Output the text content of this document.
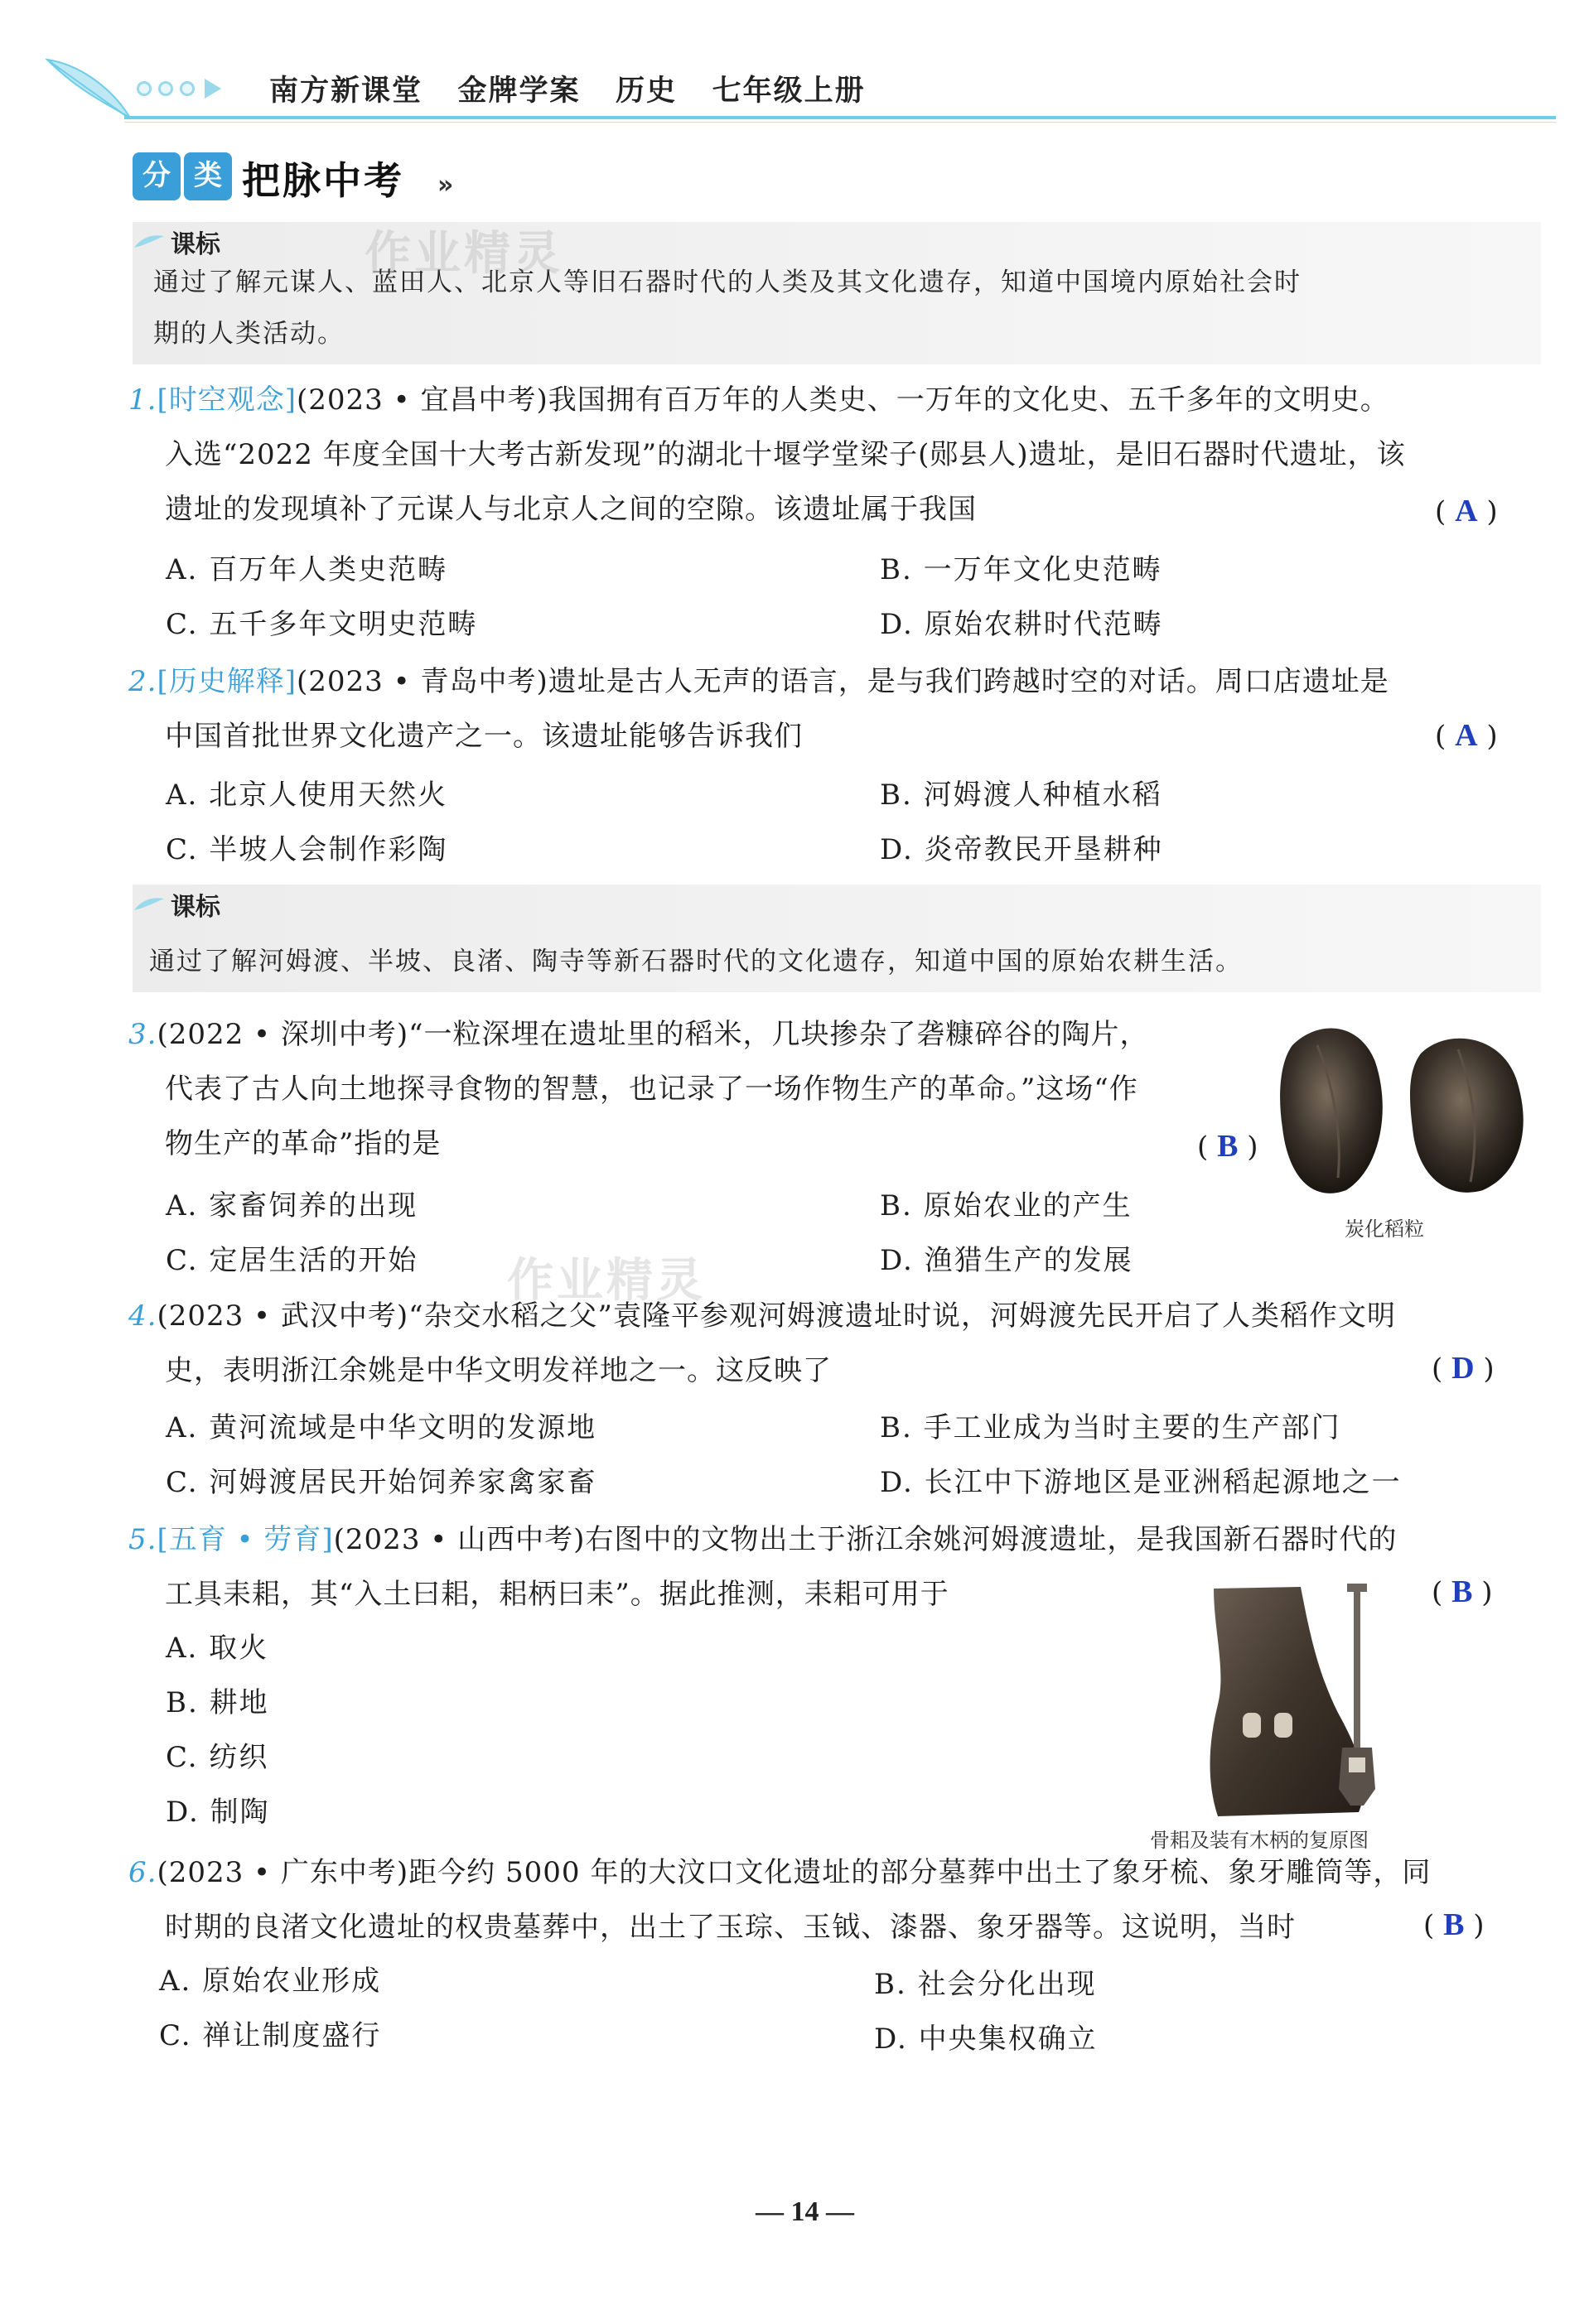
南方新课堂   金牌学案   历史   七年级上册
分 类 把脉中考 »
课标
通过了解元谋人、蓝田人、北京人等旧石器时代的人类及其文化遗存，知道中国境内原始社会时
期的人类活动。
作业精灵
作业精灵
1.[时空观念](2023 • 宜昌中考)我国拥有百万年的人类史、一万年的文化史、五千多年的文明史。
入选“2022 年度全国十大考古新发现”的湖北十堰学堂梁子(郧县人)遗址，是旧石器时代遗址，该
遗址的发现填补了元谋人与北京人之间的空隙。该遗址属于我国	( A )
A. 百万年人类史范畴	B. 一万年文化史范畴
C. 五千多年文明史范畴	D. 原始农耕时代范畴
2.[历史解释](2023 • 青岛中考)遗址是古人无声的语言，是与我们跨越时空的对话。周口店遗址是
中国首批世界文化遗产之一。该遗址能够告诉我们	( A )
A. 北京人使用天然火	B. 河姆渡人种植水稻
C. 半坡人会制作彩陶	D. 炎帝教民开垦耕种
课标
通过了解河姆渡、半坡、良渚、陶寺等新石器时代的文化遗存，知道中国的原始农耕生活。
3.(2022 • 深圳中考)“一粒深埋在遗址里的稻米，几块掺杂了砻糠碎谷的陶片，
代表了古人向土地探寻食物的智慧，也记录了一场作物生产的革命。”这场“作
物生产的革命”指的是	( B )
A. 家畜饲养的出现	B. 原始农业的产生
C. 定居生活的开始	D. 渔猎生产的发展
炭化稻粒
4.(2023 • 武汉中考)“杂交水稻之父”袁隆平参观河姆渡遗址时说，河姆渡先民开启了人类稻作文明
史，表明浙江余姚是中华文明发祥地之一。这反映了	( D )
A. 黄河流域是中华文明的发源地	B. 手工业成为当时主要的生产部门
C. 河姆渡居民开始饲养家禽家畜	D. 长江中下游地区是亚洲稻起源地之一
5.[五育 • 劳育](2023 • 山西中考)右图中的文物出土于浙江余姚河姆渡遗址，是我国新石器时代的
工具耒耜，其“入土曰耜，耜柄曰耒”。据此推测，耒耜可用于	( B )
A. 取火
B. 耕地
C. 纺织
D. 制陶
骨耜及装有木柄的复原图
6.(2023 • 广东中考)距今约 5000 年的大汶口文化遗址的部分墓葬中出土了象牙梳、象牙雕筒等，同
时期的良渚文化遗址的权贵墓葬中，出土了玉琮、玉钺、漆器、象牙器等。这说明，当时	( B )
A. 原始农业形成	B. 社会分化出现
C. 禅让制度盛行	D. 中央集权确立
— 14 —
